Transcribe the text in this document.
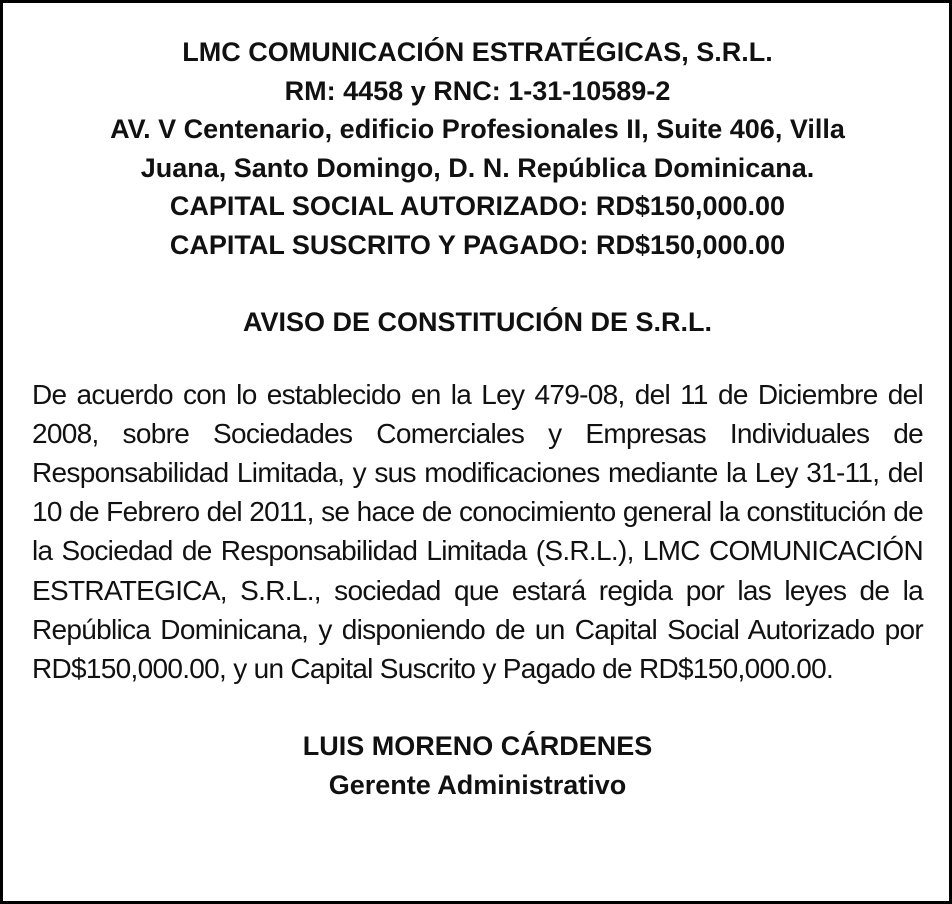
LMC COMUNICACIÓN ESTRATÉGICAS, S.R.L.
RM: 4458 y RNC: 1-31-10589-2
AV. V Centenario, edificio Profesionales II, Suite 406, Villa
Juana, Santo Domingo, D. N. República Dominicana.
CAPITAL SOCIAL AUTORIZADO: RD$150,000.00
CAPITAL SUSCRITO Y PAGADO: RD$150,000.00
AVISO DE CONSTITUCIÓN DE S.R.L.

De acuerdo con lo establecido en la Ley 479-08, del 11 de Diciembre del 2008, sobre Sociedades Comerciales y Empresas Individuales de Responsabilidad Limitada, y sus modificaciones mediante la Ley 31-11, del 10 de Febrero del 2011, se hace de conocimiento general la constitución de la Sociedad de Responsabilidad Limitada (S.R.L.), LMC COMUNICACIÓN ESTRATEGICA, S.R.L., sociedad que estará regida por las leyes de la República Dominicana, y disponiendo de un Capital Social Autorizado por RD$150,000.00, y un Capital Suscrito y Pagado de RD$150,000.00.

LUIS MORENO CÁRDENES
Gerente Administrativo
